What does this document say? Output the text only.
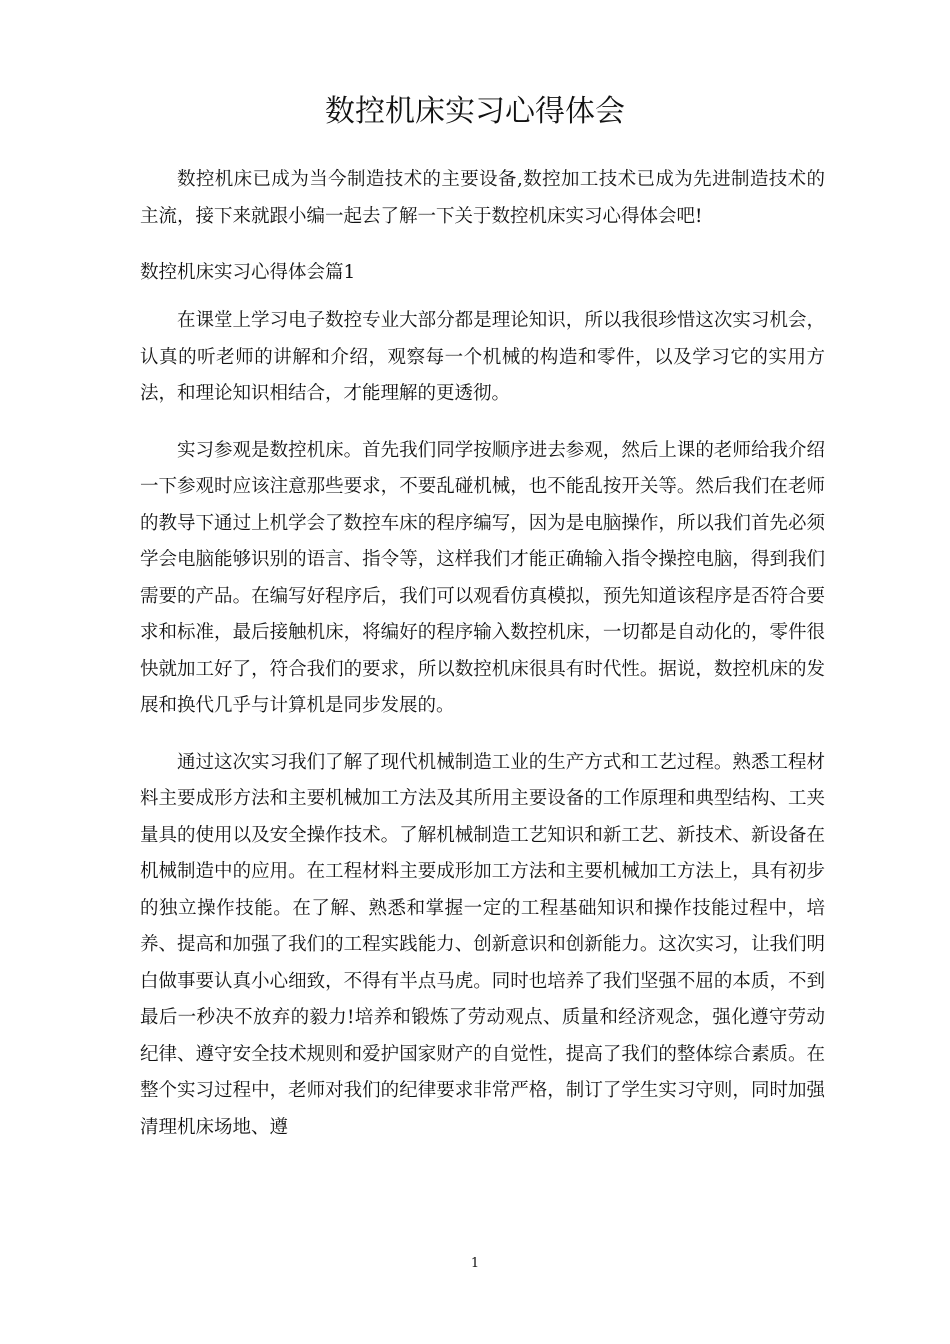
数控机床实习心得体会

数控机床已成为当今制造技术的主要设备,数控加工技术已成为先进制造技术的主流，接下来就跟小编一起去了解一下关于数控机床实习心得体会吧!

数控机床实习心得体会篇1

在课堂上学习电子数控专业大部分都是理论知识，所以我很珍惜这次实习机会，认真的听老师的讲解和介绍，观察每一个机械的构造和零件，以及学习它的实用方法，和理论知识相结合，才能理解的更透彻。

实习参观是数控机床。首先我们同学按顺序进去参观，然后上课的老师给我介绍一下参观时应该注意那些要求，不要乱碰机械，也不能乱按开关等。然后我们在老师的教导下通过上机学会了数控车床的程序编写，因为是电脑操作，所以我们首先必须学会电脑能够识别的语言、指令等，这样我们才能正确输入指令操控电脑，得到我们需要的产品。在编写好程序后，我们可以观看仿真模拟，预先知道该程序是否符合要求和标准，最后接触机床，将编好的程序输入数控机床，一切都是自动化的，零件很快就加工好了，符合我们的要求，所以数控机床很具有时代性。据说，数控机床的发展和换代几乎与计算机是同步发展的。

通过这次实习我们了解了现代机械制造工业的生产方式和工艺过程。熟悉工程材料主要成形方法和主要机械加工方法及其所用主要设备的工作原理和典型结构、工夹量具的使用以及安全操作技术。了解机械制造工艺知识和新工艺、新技术、新设备在机械制造中的应用。在工程材料主要成形加工方法和主要机械加工方法上，具有初步的独立操作技能。在了解、熟悉和掌握一定的工程基础知识和操作技能过程中，培养、提高和加强了我们的工程实践能力、创新意识和创新能力。这次实习，让我们明白做事要认真小心细致，不得有半点马虎。同时也培养了我们坚强不屈的本质，不到最后一秒决不放弃的毅力!培养和锻炼了劳动观点、质量和经济观念，强化遵守劳动纪律、遵守安全技术规则和爱护国家财产的自觉性，提高了我们的整体综合素质。在整个实习过程中，老师对我们的纪律要求非常严格，制订了学生实习守则，同时加强清理机床场地、遵

1
